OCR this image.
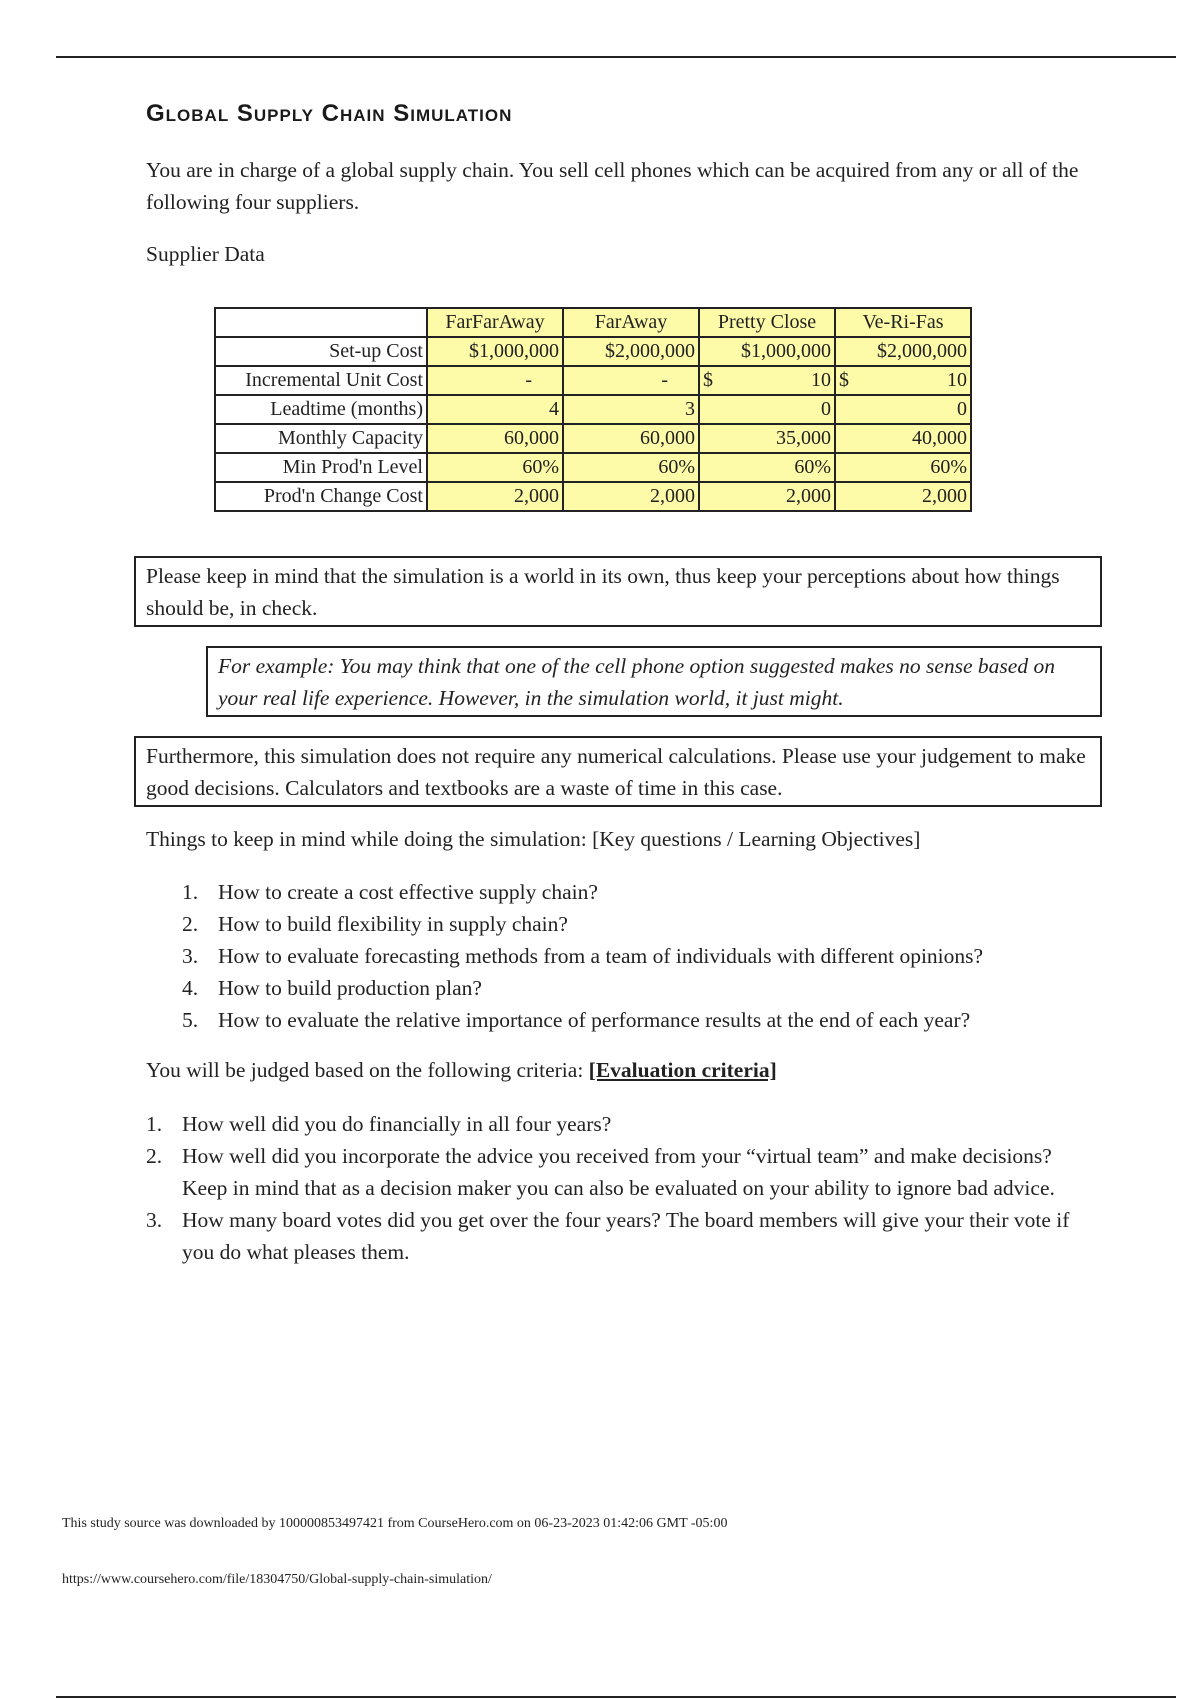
Global Supply Chain Simulation

You are in charge of a global supply chain. You sell cell phones which can be acquired from any or all of the following four suppliers.

Supplier Data

	FarFarAway	FarAway	Pretty Close	Ve-Ri-Fas
Set-up Cost	$1,000,000	$2,000,000	$1,000,000	$2,000,000
Incremental Unit Cost	-	-	$ 10	$ 10

Leadtime (months)	4	3	0	0
Monthly Capacity	60,000	60,000	35,000	40,000
Min Prod'n Level	60%	60%	60%	60%
Prod'n Change Cost	2,000	2,000	2,000	2,000
Please keep in mind that the simulation is a world in its own, thus keep your perceptions about how things should be, in check.
For example: You may think that one of the cell phone option suggested makes no sense based on your real life experience. However, in the simulation world, it just might.
Furthermore, this simulation does not require any numerical calculations. Please use your judgement to make good decisions. Calculators and textbooks are a waste of time in this case.

Things to keep in mind while doing the simulation: [Key questions / Learning Objectives]

1. How to create a cost effective supply chain?
2. How to build flexibility in supply chain?
3. How to evaluate forecasting methods from a team of individuals with different opinions?
4. How to build production plan?
5. How to evaluate the relative importance of performance results at the end of each year?

You will be judged based on the following criteria: [Evaluation criteria]

1. How well did you do financially in all four years?
2. How well did you incorporate the advice you received from your “virtual team” and make decisions? Keep in mind that as a decision maker you can also be evaluated on your ability to ignore bad advice.
3. How many board votes did you get over the four years? The board members will give your their vote if you do what pleases them.
This study source was downloaded by 100000853497421 from CourseHero.com on 06-23-2023 01:42:06 GMT -05:00
https://www.coursehero.com/file/18304750/Global-supply-chain-simulation/
